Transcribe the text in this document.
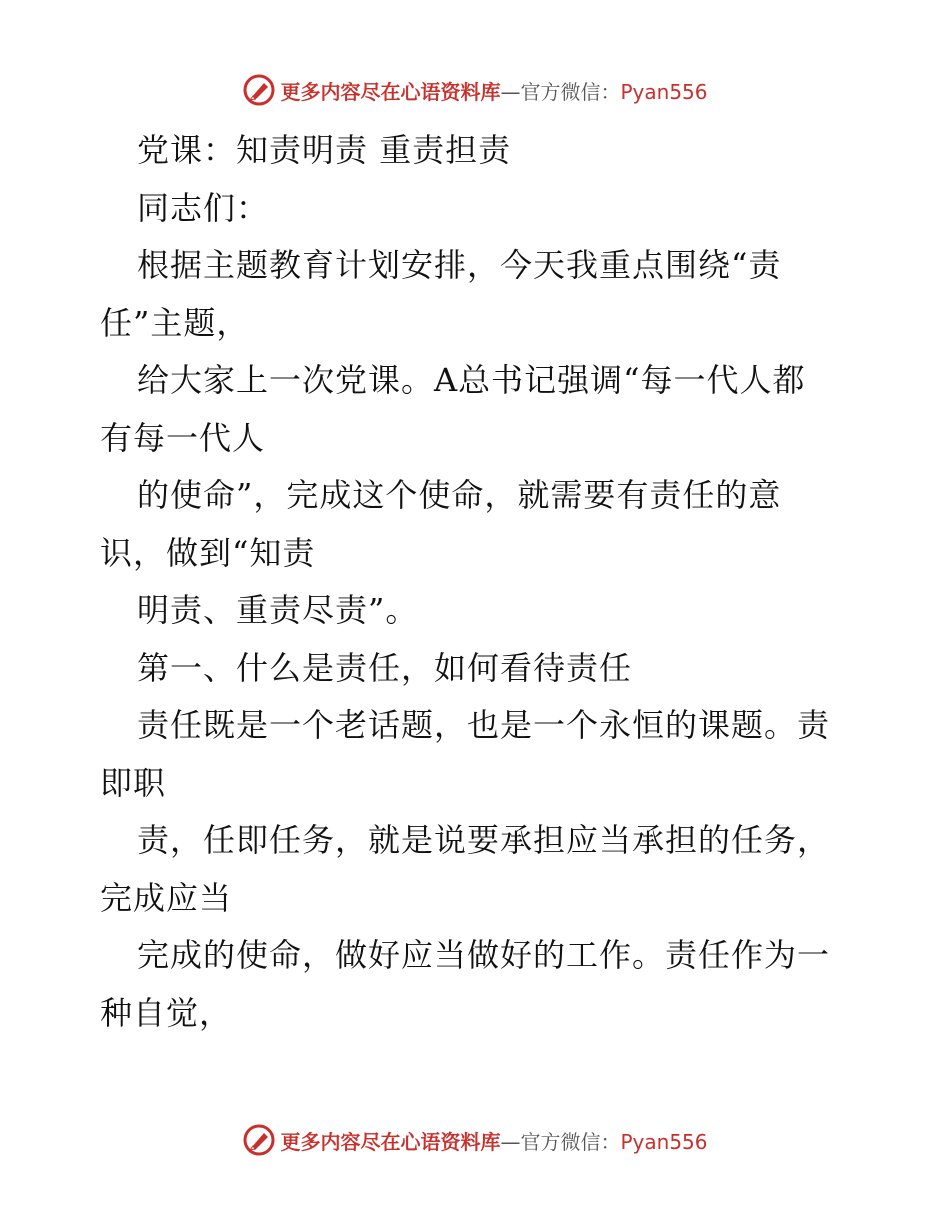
更多内容尽在心语资料库—官方微信：Pyan556
党课：知责明责 重责担责
同志们：
根据主题教育计划安排，今天我重点围绕“责
任”主题，
给大家上一次党课。A总书记强调“每一代人都
有每一代人
的使命”，完成这个使命，就需要有责任的意
识，做到“知责
明责、重责尽责”。
第一、什么是责任，如何看待责任
责任既是一个老话题，也是一个永恒的课题。责
即职
责，任即任务，就是说要承担应当承担的任务，
完成应当
完成的使命，做好应当做好的工作。责任作为一
种自觉，
更多内容尽在心语资料库—官方微信：Pyan556
